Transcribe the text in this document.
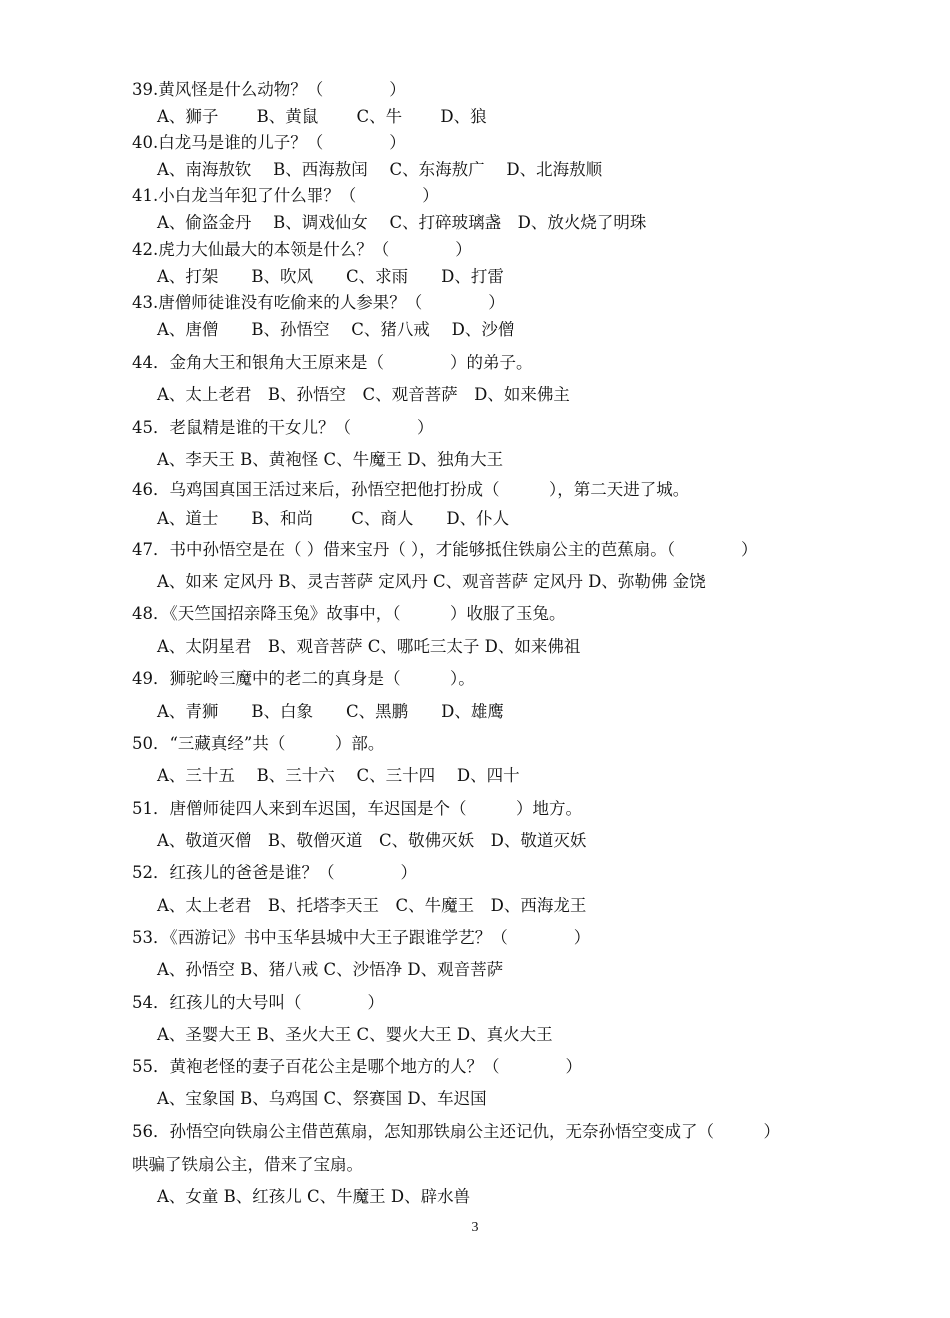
39.黄风怪是什么动物？（　　　　）
A、狮子　　 B、黄鼠　　 C、牛　　 D、狼
40.白龙马是谁的儿子？（　　　　）
A、南海敖钦　 B、西海敖闰　 C、东海敖广　 D、北海敖顺
41.小白龙当年犯了什么罪？（　　　　）
A、偷盗金丹　 B、调戏仙女　 C、打碎玻璃盏　D、放火烧了明珠
42.虎力大仙最大的本领是什么？（　　　　）
A、打架　　B、吹风　　C、求雨　　D、打雷
43.唐僧师徒谁没有吃偷来的人参果？（　　　　）
A、唐僧　　B、孙悟空　 C、猪八戒　 D、沙僧
44．金角大王和银角大王原来是（　　　　）的弟子。
A、太上老君　B、孙悟空　C、观音菩萨　D、如来佛主
45．老鼠精是谁的干女儿？（　　　　）
A、李天王 B、黄袍怪 C、牛魔王 D、独角大王
46．乌鸡国真国王活过来后，孙悟空把他打扮成（　　　），第二天进了城。
A、道士　　B、和尚　　 C、商人　　D、仆人
47．书中孙悟空是在（ ）借来宝丹（ ），才能够抵住铁扇公主的芭蕉扇。（　　　　）
A、如来 定风丹 B、灵吉菩萨 定风丹 C、观音菩萨 定风丹 D、弥勒佛 金饶
48．《天竺国招亲降玉兔》故事中，（　　　）收服了玉兔。
A、太阴星君　B、观音菩萨 C、哪吒三太子 D、如来佛祖
49．狮驼岭三魔中的老二的真身是（　　　）。
A、青狮　　B、白象　　C、黑鹏　　D、雄鹰
50．“三藏真经”共（　　　）部。
A、三十五　 B、三十六　 C、三十四　 D、四十
51．唐僧师徒四人来到车迟国，车迟国是个（　　　）地方。
A、敬道灭僧　B、敬僧灭道　C、敬佛灭妖　D、敬道灭妖
52．红孩儿的爸爸是谁？（　　　　）
A、太上老君　B、托塔李天王　C、牛魔王　D、西海龙王
53．《西游记》书中玉华县城中大王子跟谁学艺？（　　　　）
A、孙悟空 B、猪八戒 C、沙悟净 D、观音菩萨
54．红孩儿的大号叫（　　　　）
A、圣婴大王 B、圣火大王 C、婴火大王 D、真火大王
55．黄袍老怪的妻子百花公主是哪个地方的人？（　　　　）
A、宝象国 B、乌鸡国 C、祭赛国 D、车迟国
56．孙悟空向铁扇公主借芭蕉扇，怎知那铁扇公主还记仇，无奈孙悟空变成了（　　　）
哄骗了铁扇公主，借来了宝扇。
A、女童 B、红孩儿 C、牛魔王 D、辟水兽
3
